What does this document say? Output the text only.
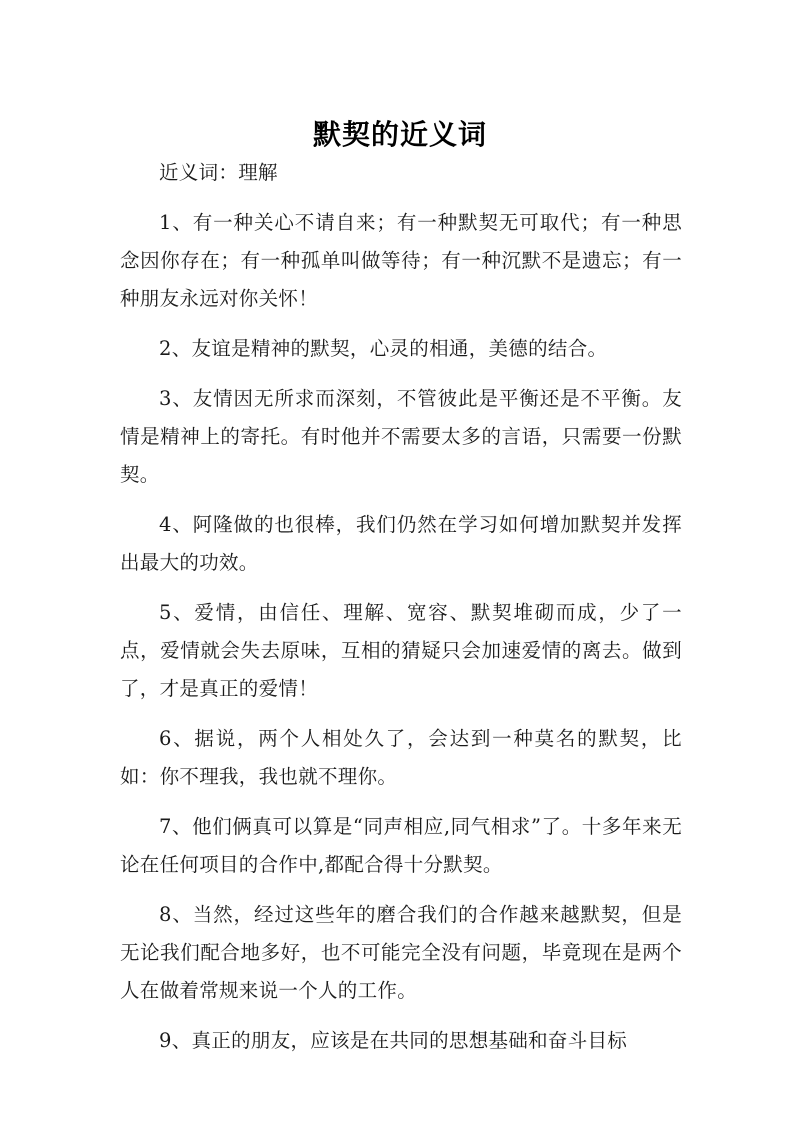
默契的近义词

近义词：理解

1、有一种关心不请自来；有一种默契无可取代；有一种思念因你存在；有一种孤单叫做等待；有一种沉默不是遗忘；有一种朋友永远对你关怀！

2、友谊是精神的默契，心灵的相通，美德的结合。

3、友情因无所求而深刻，不管彼此是平衡还是不平衡。友情是精神上的寄托。有时他并不需要太多的言语，只需要一份默契。

4、阿隆做的也很棒，我们仍然在学习如何增加默契并发挥出最大的功效。

5、爱情，由信任、理解、宽容、默契堆砌而成，少了一点，爱情就会失去原味，互相的猜疑只会加速爱情的离去。做到了，才是真正的爱情！

6、据说，两个人相处久了，会达到一种莫名的默契，比如：你不理我，我也就不理你。

7、他们俩真可以算是“同声相应,同气相求”了。十多年来无论在任何项目的合作中,都配合得十分默契。

8、当然，经过这些年的磨合我们的合作越来越默契，但是无论我们配合地多好，也不可能完全没有问题，毕竟现在是两个人在做着常规来说一个人的工作。

9、真正的朋友，应该是在共同的思想基础和奋斗目标
